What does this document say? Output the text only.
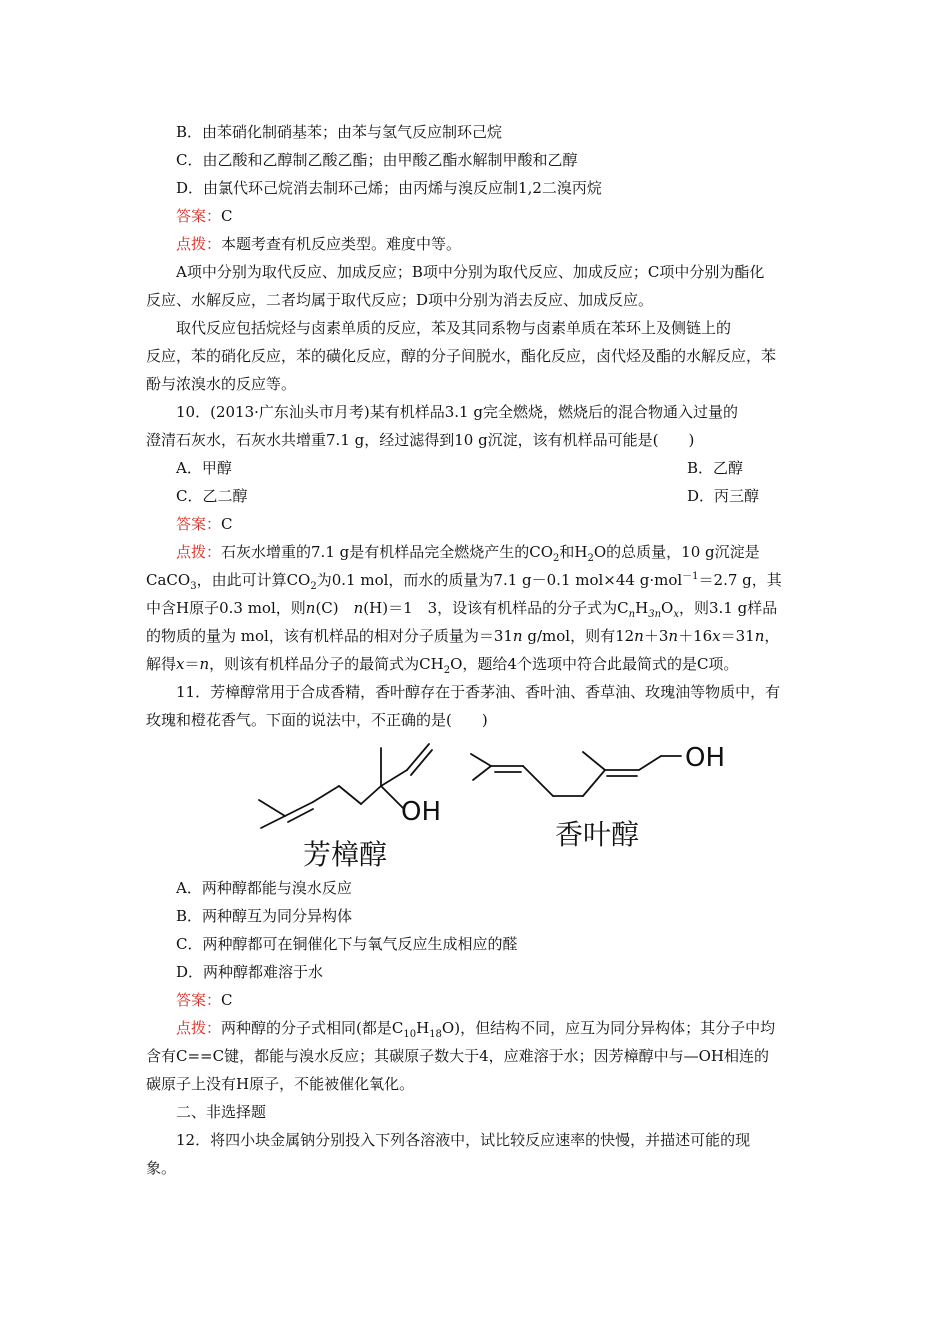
B．由苯硝化制硝基苯；由苯与氢气反应制环己烷
C．由乙酸和乙醇制乙酸乙酯；由甲酸乙酯水解制甲酸和乙醇
D．由氯代环己烷消去制环己烯；由丙烯与溴反应制1,2二溴丙烷
答案：C
点拨：本题考查有机反应类型。难度中等。
A项中分别为取代反应、加成反应；B项中分别为取代反应、加成反应；C项中分别为酯化
反应、水解反应，二者均属于取代反应；D项中分别为消去反应、加成反应。
取代反应包括烷烃与卤素单质的反应，苯及其同系物与卤素单质在苯环上及侧链上的
反应，苯的硝化反应，苯的磺化反应，醇的分子间脱水，酯化反应，卤代烃及酯的水解反应，苯
酚与浓溴水的反应等。
10．(2013·广东汕头市月考)某有机样品3.1 g完全燃烧，燃烧后的混合物通入过量的
澄清石灰水，石灰水共增重7.1 g，经过滤得到10 g沉淀，该有机样品可能是(　　)
A．甲醇	B．乙醇
C．乙二醇	D．丙三醇
答案：C
点拨：石灰水增重的7.1 g是有机样品完全燃烧产生的$CO_2$和$H_2O$的总质量，10 g沉淀是
CaCO$_3$，由此可计算$CO_2$为0.1 mol，而水的质量为7.1 g－0.1 mol×44 g·mol$^{-1}$＝2.7 g，其
中含H原子0.3 mol，则n(C)　n(H)＝1　3，设该有机样品的分子式为$C_nH_{3n}O_x$，则3.1 g样品
的物质的量为 mol，该有机样品的相对分子质量为＝31n g/mol，则有12n＋3n＋16x＝31n，
解得x＝n，则该有机样品分子的最简式为$CH_2O$，题给4个选项中符合此最简式的是C项。
11．芳樟醇常用于合成香精，香叶醇存在于香茅油、香叶油、香草油、玫瑰油等物质中，有
玫瑰和橙花香气。下面的说法中，不正确的是(　　)
OH
芳樟醇
OH
香叶醇
A．两种醇都能与溴水反应
B．两种醇互为同分异构体
C．两种醇都可在铜催化下与氧气反应生成相应的醛
D．两种醇都难溶于水
答案：C
点拨：两种醇的分子式相同(都是$C_{10}H_{18}O$)，但结构不同，应互为同分异构体；其分子中均
含有C==C键，都能与溴水反应；其碳原子数大于4，应难溶于水；因芳樟醇中与—OH相连的
碳原子上没有H原子，不能被催化氧化。
二、非选择题
12．将四小块金属钠分别投入下列各溶液中，试比较反应速率的快慢，并描述可能的现
象。
